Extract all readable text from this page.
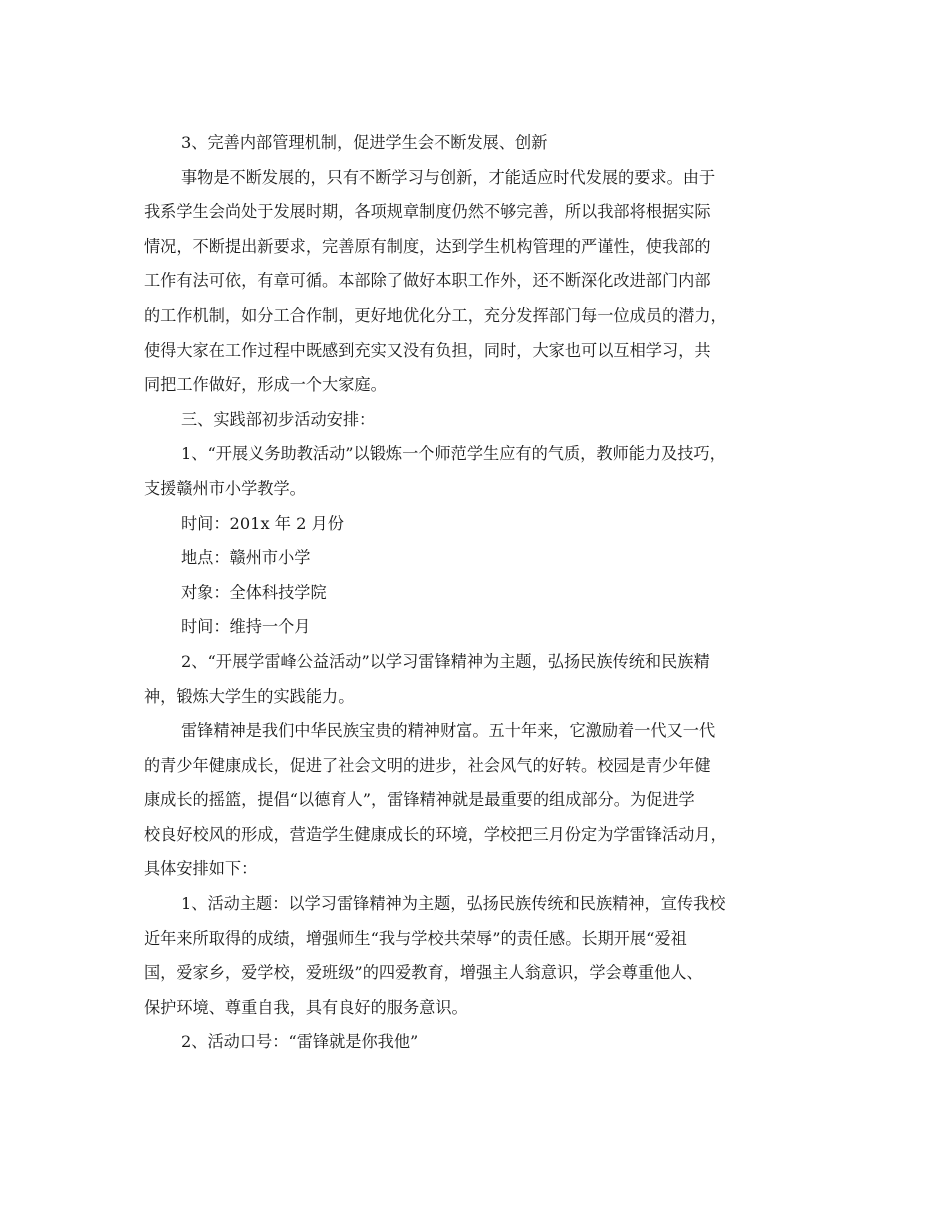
3、完善内部管理机制，促进学生会不断发展、创新
事物是不断发展的，只有不断学习与创新，才能适应时代发展的要求。由于
我系学生会尚处于发展时期，各项规章制度仍然不够完善，所以我部将根据实际
情况，不断提出新要求，完善原有制度，达到学生机构管理的严谨性，使我部的
工作有法可依，有章可循。本部除了做好本职工作外，还不断深化改进部门内部
的工作机制，如分工合作制，更好地优化分工，充分发挥部门每一位成员的潜力，
使得大家在工作过程中既感到充实又没有负担，同时，大家也可以互相学习，共
同把工作做好，形成一个大家庭。
三、实践部初步活动安排：
1、“开展义务助教活动”以锻炼一个师范学生应有的气质，教师能力及技巧，
支援赣州市小学教学。
时间：201x 年 2 月份
地点：赣州市小学
对象：全体科技学院
时间：维持一个月
2、“开展学雷峰公益活动”以学习雷锋精神为主题，弘扬民族传统和民族精
神，锻炼大学生的实践能力。
雷锋精神是我们中华民族宝贵的精神财富。五十年来，它激励着一代又一代
的青少年健康成长，促进了社会文明的进步，社会风气的好转。校园是青少年健
康成长的摇篮，提倡“以德育人”，雷锋精神就是最重要的组成部分。为促进学
校良好校风的形成，营造学生健康成长的环境，学校把三月份定为学雷锋活动月，
具体安排如下：
1、活动主题：以学习雷锋精神为主题，弘扬民族传统和民族精神，宣传我校
近年来所取得的成绩，增强师生“我与学校共荣辱”的责任感。长期开展“爱祖
国，爱家乡，爱学校，爱班级”的四爱教育，增强主人翁意识，学会尊重他人、
保护环境、尊重自我，具有良好的服务意识。
2、活动口号：“雷锋就是你我他”
